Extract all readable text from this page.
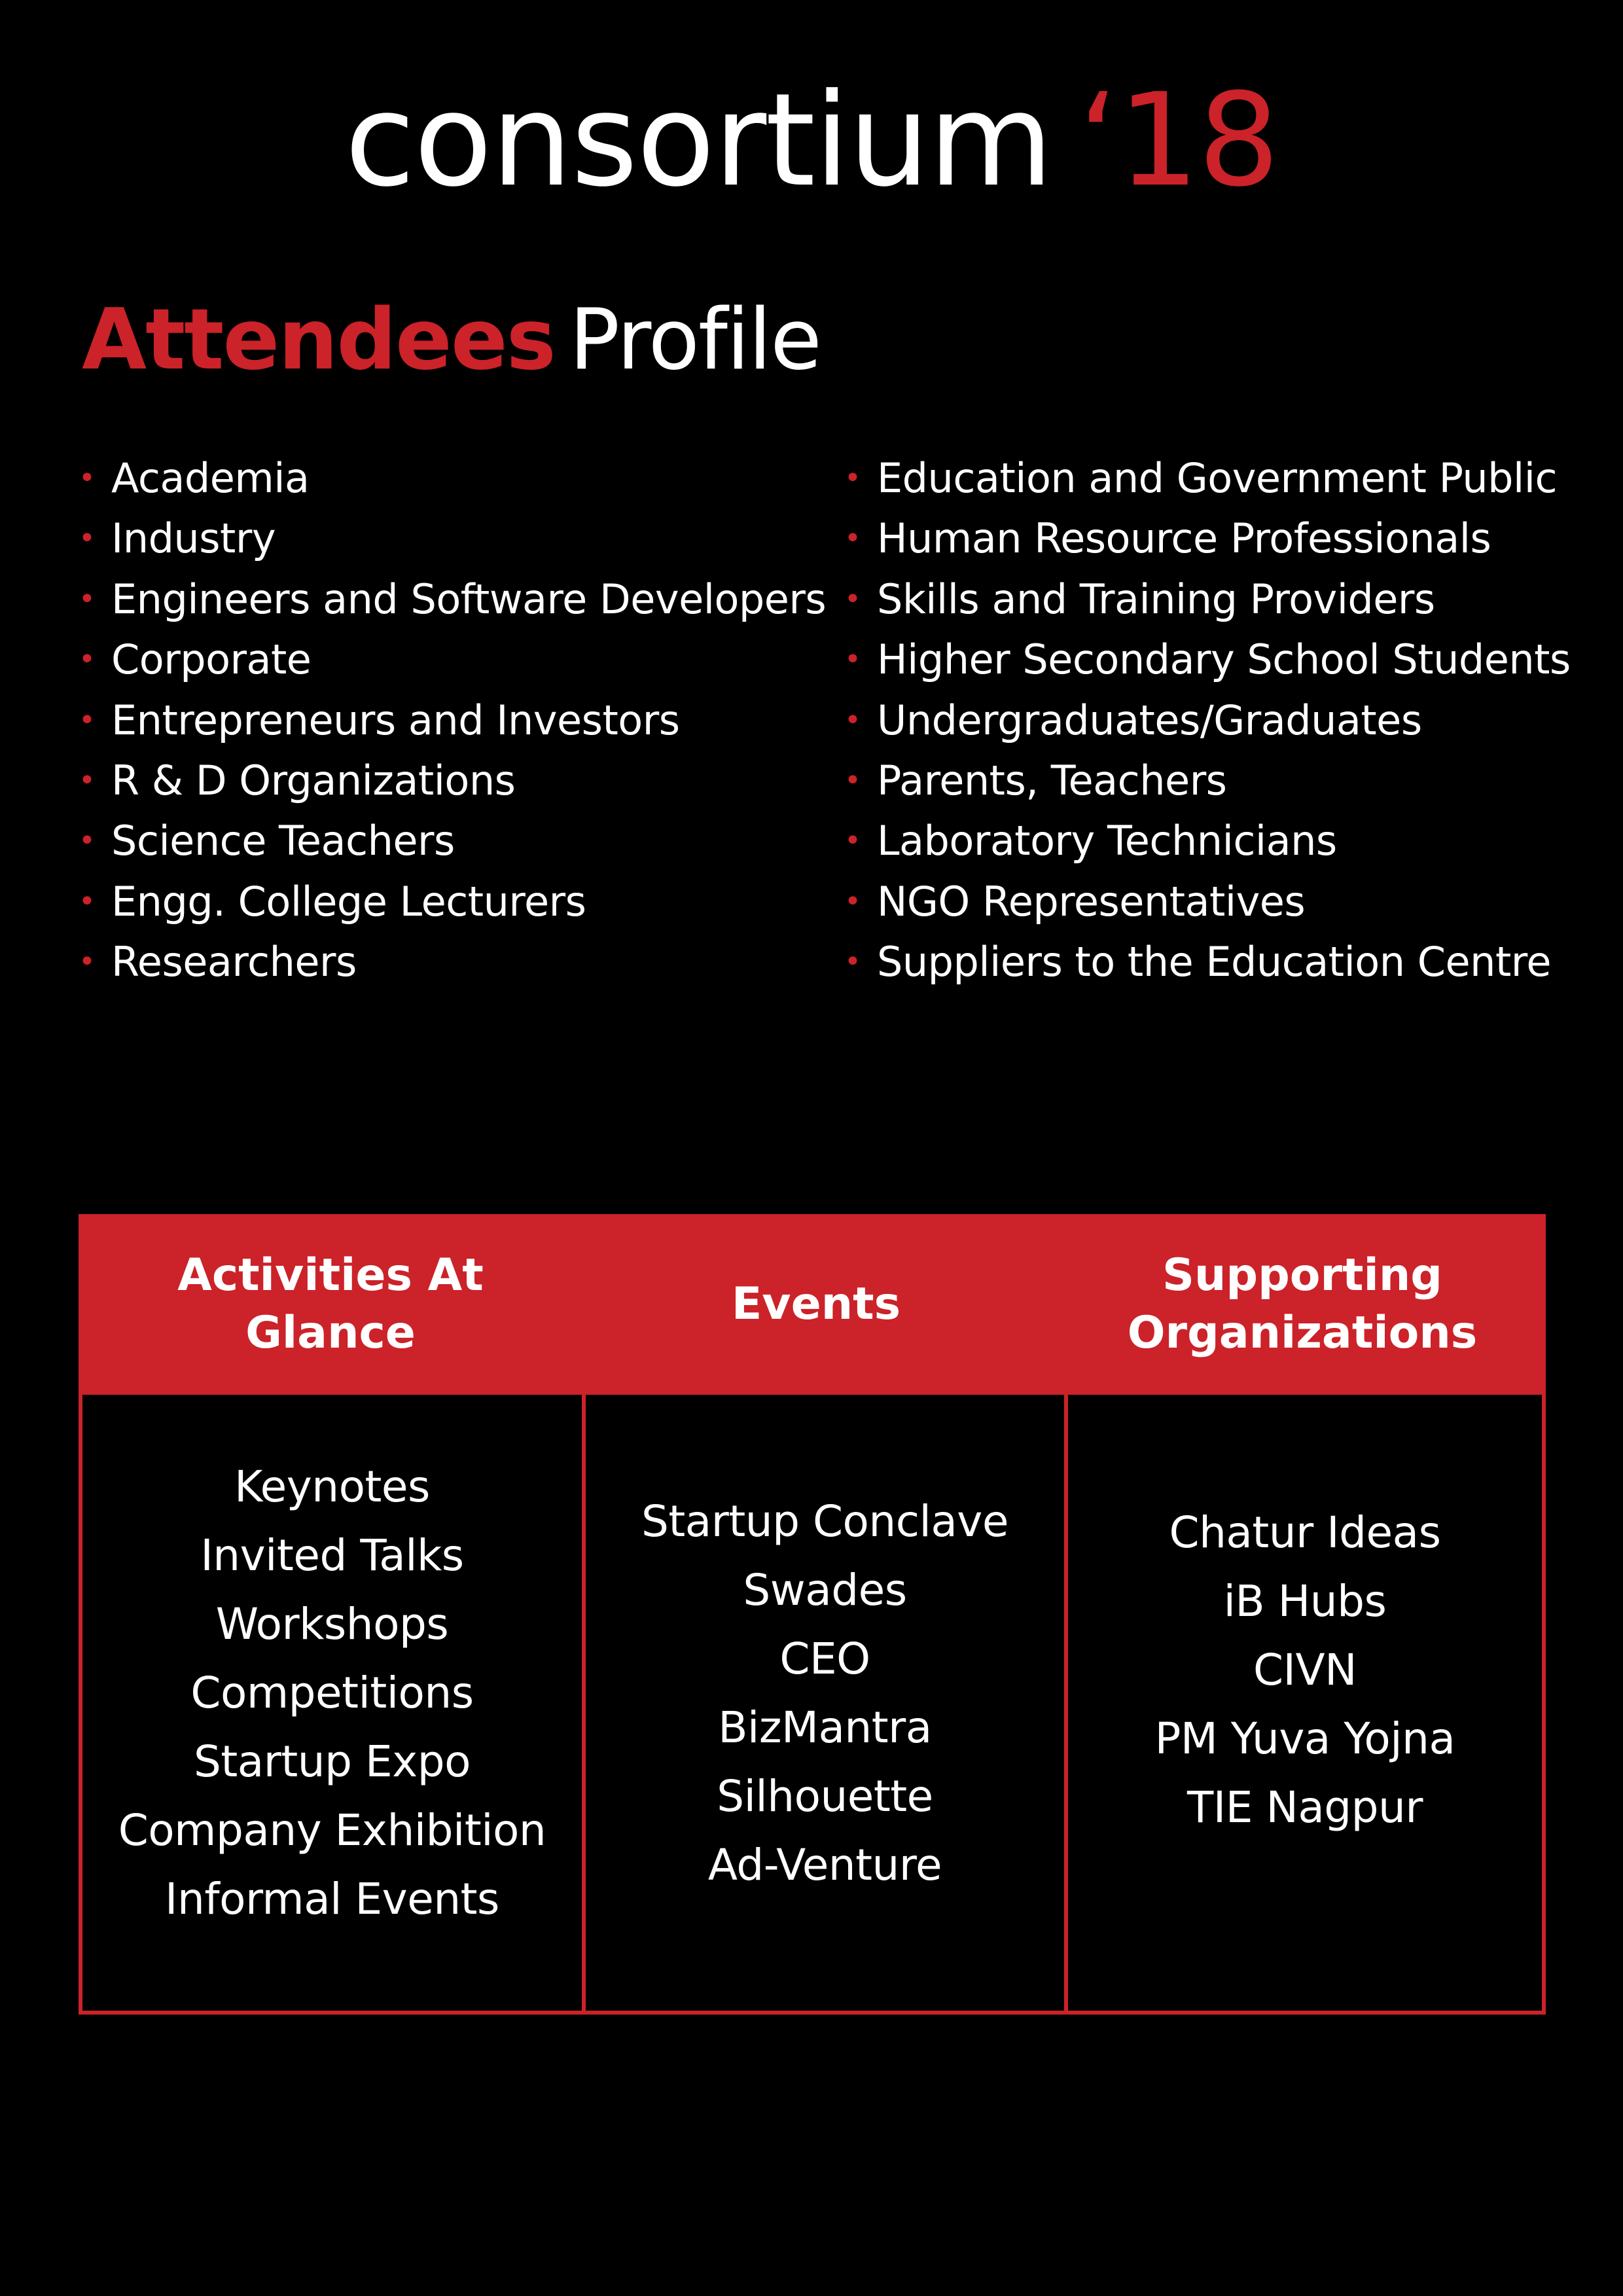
consortium ‘18
Attendees Profile
• Academia
• Industry
• Engineers and Software Developers
• Corporate
• Entrepreneurs and Investors
• R & D Organizations
• Science Teachers
• Engg. College Lecturers
• Researchers
• Education and Government Public
• Human Resource Professionals
• Skills and Training Providers
• Higher Secondary School Students
• Undergraduates/Graduates
• Parents, Teachers
• Laboratory Technicians
• NGO Representatives
• Suppliers to the Education Centre
Activities At Glance
Events
Supporting Organizations
Keynotes
Invited Talks
Workshops
Competitions
Startup Expo
Company Exhibition
Informal Events
Startup Conclave
Swades
CEO
BizMantra
Silhouette
Ad-Venture
Chatur Ideas
iB Hubs
CIVN
PM Yuva Yojna
TIE Nagpur
